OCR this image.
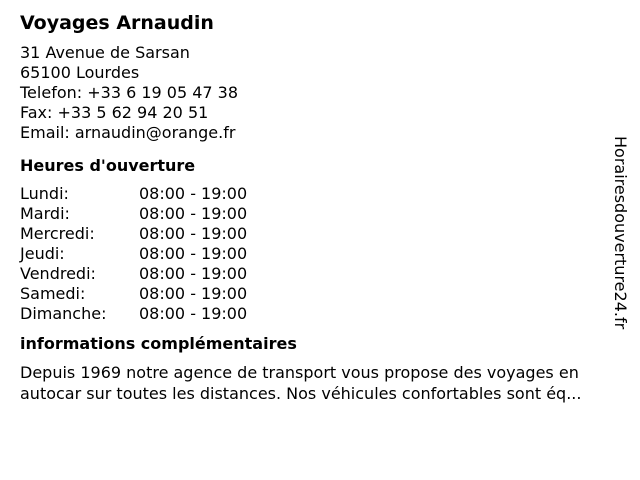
Voyages Arnaudin
31 Avenue de Sarsan
65100 Lourdes
Telefon: +33 6 19 05 47 38
Fax: +33 5 62 94 20 51
Email: arnaudin@orange.fr
Heures d'ouverture
Lundi:	08:00 - 19:00
Mardi:	08:00 - 19:00
Mercredi:	08:00 - 19:00
Jeudi:	08:00 - 19:00
Vendredi:	08:00 - 19:00
Samedi:	08:00 - 19:00
Dimanche:	08:00 - 19:00
informations complémentaires
Depuis 1969 notre agence de transport vous propose des voyages en autocar sur toutes les distances. Nos véhicules confortables sont éq...
Horairesdouverture24.fr
